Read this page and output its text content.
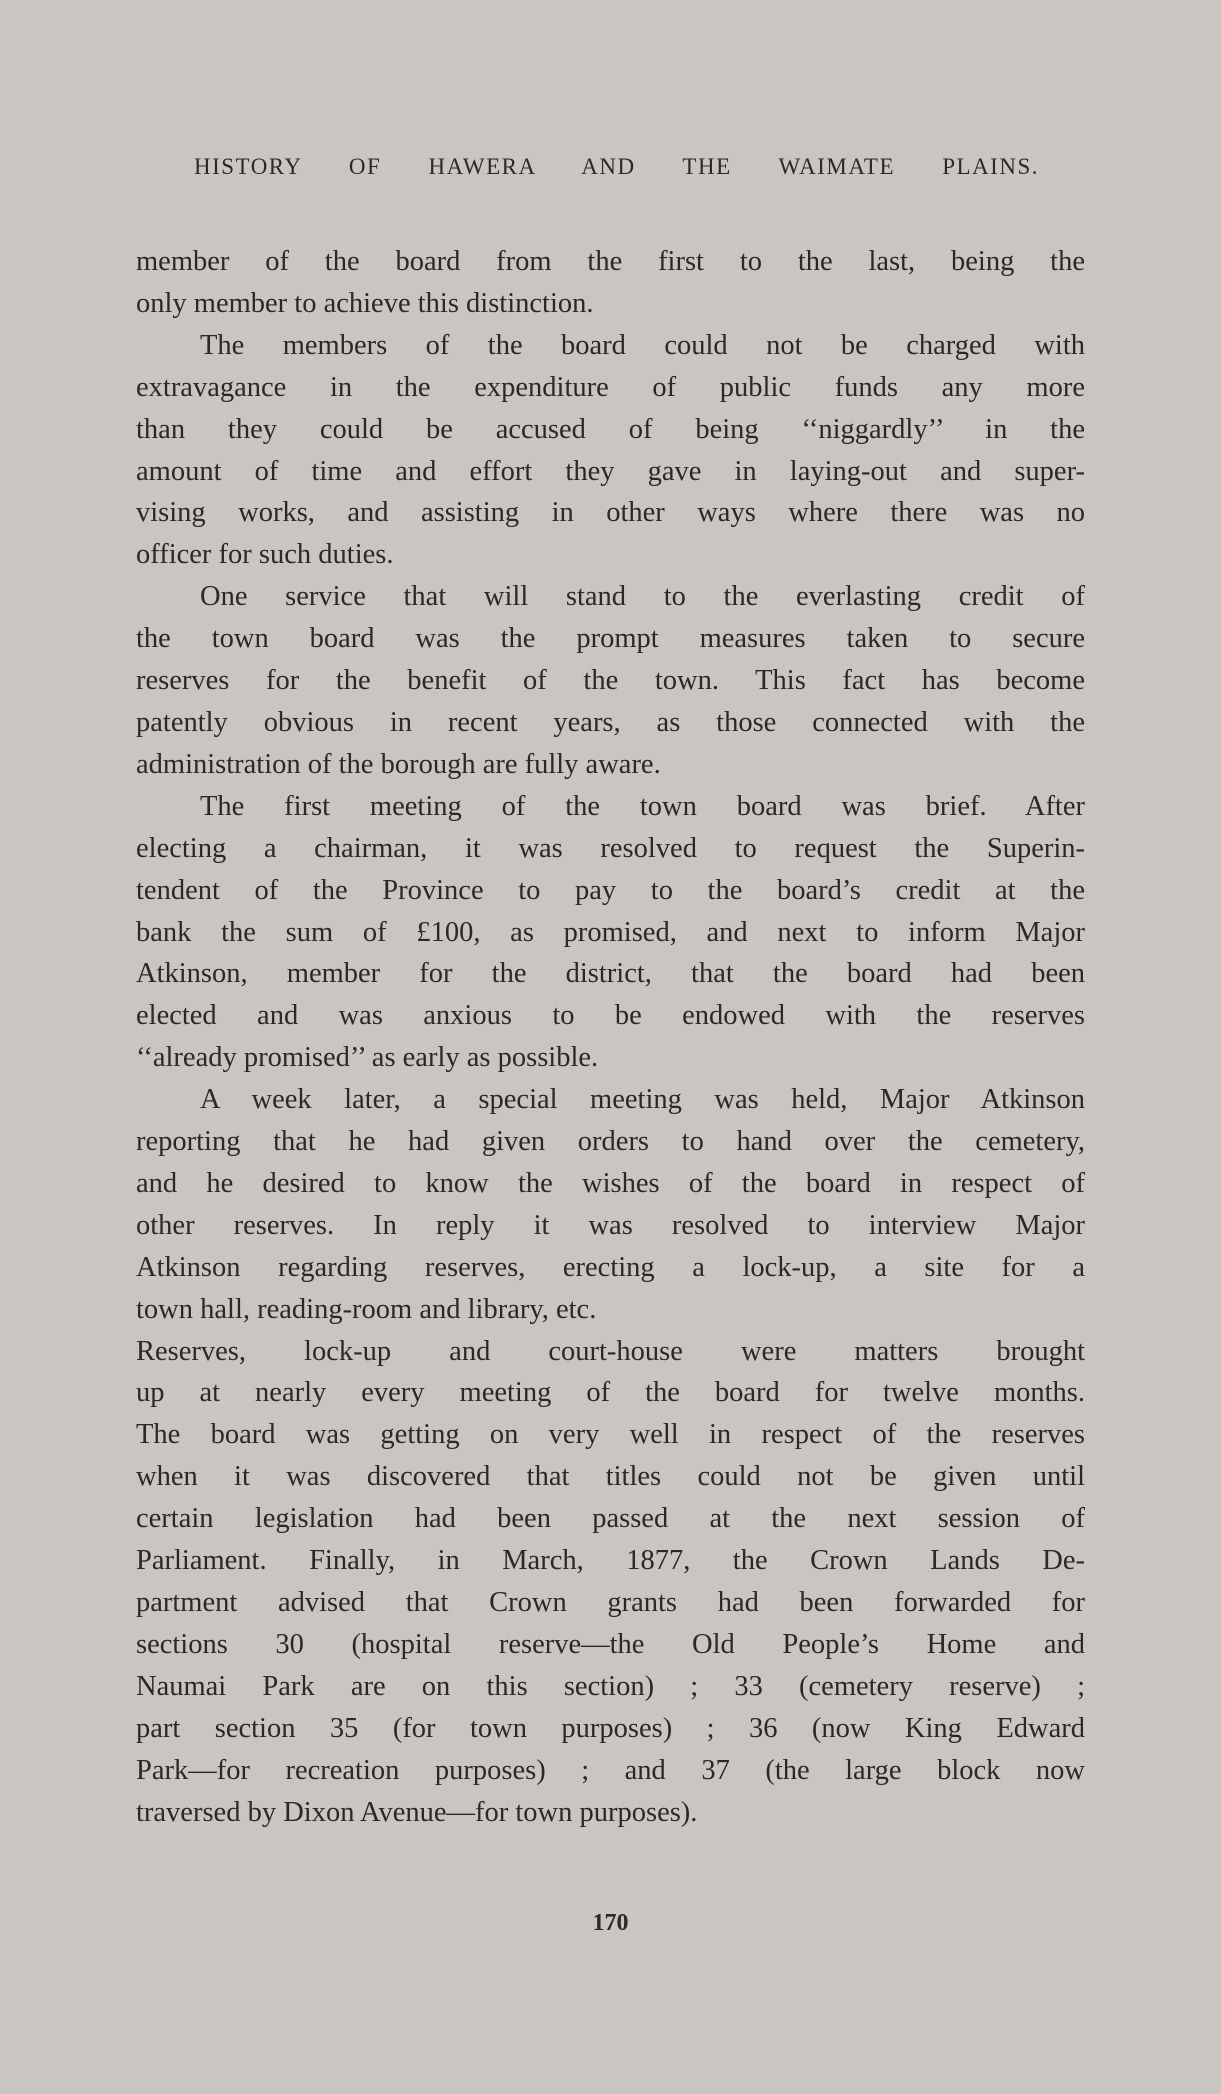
HISTORY OF HAWERA AND THE WAIMATE PLAINS.
member of the board from the first to the last, being the
only member to achieve this distinction.
The members of the board could not be charged with
extravagance in the expenditure of public funds any more
than they could be accused of being ‘‘niggardly’’ in the
amount of time and effort they gave in laying-out and super-
vising works, and assisting in other ways where there was no
officer for such duties.
One service that will stand to the everlasting credit of
the town board was the prompt measures taken to secure
reserves for the benefit of the town. This fact has become
patently obvious in recent years, as those connected with the
administration of the borough are fully aware.
The first meeting of the town board was brief. After
electing a chairman, it was resolved to request the Superin-
tendent of the Province to pay to the board’s credit at the
bank the sum of £100, as promised, and next to inform Major
Atkinson, member for the district, that the board had been
elected and was anxious to be endowed with the reserves
‘‘already promised’’ as early as possible.
A week later, a special meeting was held, Major Atkinson
reporting that he had given orders to hand over the cemetery,
and he desired to know the wishes of the board in respect of
other reserves. In reply it was resolved to interview Major
Atkinson regarding reserves, erecting a lock-up, a site for a
town hall, reading-room and library, etc.
Reserves, lock-up and court-house were matters brought
up at nearly every meeting of the board for twelve months.
The board was getting on very well in respect of the reserves
when it was discovered that titles could not be given until
certain legislation had been passed at the next session of
Parliament. Finally, in March, 1877, the Crown Lands De-
partment advised that Crown grants had been forwarded for
sections 30 (hospital reserve—the Old People’s Home and
Naumai Park are on this section) ; 33 (cemetery reserve) ;
part section 35 (for town purposes) ; 36 (now King Edward
Park—for recreation purposes) ; and 37 (the large block now
traversed by Dixon Avenue—for town purposes).
170
